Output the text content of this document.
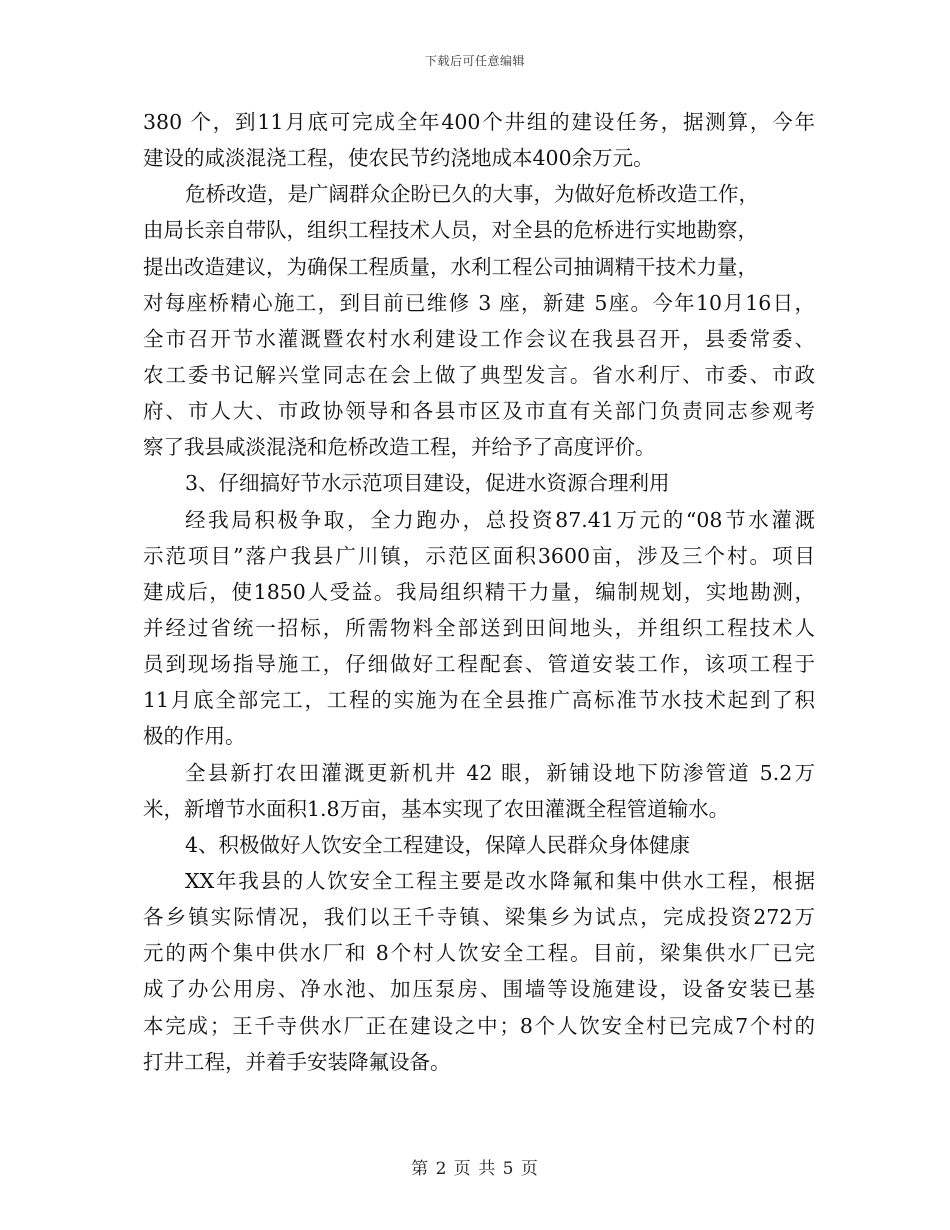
下载后可任意编辑
380 个，到11月底可完成全年400个井组的建设任务，据测算，今年
建设的咸淡混浇工程，使农民节约浇地成本400余万元。
危桥改造，是广阔群众企盼已久的大事，为做好危桥改造工作，
由局长亲自带队，组织工程技术人员，对全县的危桥进行实地勘察，
提出改造建议，为确保工程质量，水利工程公司抽调精干技术力量，
对每座桥精心施工，到目前已维修 3 座，新建 5座。今年10月16日，
全市召开节水灌溉暨农村水利建设工作会议在我县召开，县委常委、
农工委书记解兴堂同志在会上做了典型发言。省水利厅、市委、市政
府、市人大、市政协领导和各县市区及市直有关部门负责同志参观考
察了我县咸淡混浇和危桥改造工程，并给予了高度评价。
3、仔细搞好节水示范项目建设，促进水资源合理利用
经我局积极争取，全力跑办，总投资87.41万元的“08节水灌溉
示范项目”落户我县广川镇，示范区面积3600亩，涉及三个村。项目
建成后，使1850人受益。我局组织精干力量，编制规划，实地勘测，
并经过省统一招标，所需物料全部送到田间地头，并组织工程技术人
员到现场指导施工，仔细做好工程配套、管道安装工作，该项工程于
11月底全部完工，工程的实施为在全县推广高标准节水技术起到了积
极的作用。
全县新打农田灌溉更新机井 42 眼，新铺设地下防渗管道 5.2万
米，新增节水面积1.8万亩，基本实现了农田灌溉全程管道输水。
4、积极做好人饮安全工程建设，保障人民群众身体健康
XX年我县的人饮安全工程主要是改水降氟和集中供水工程，根据
各乡镇实际情况，我们以王千寺镇、梁集乡为试点，完成投资272万
元的两个集中供水厂和 8个村人饮安全工程。目前，梁集供水厂已完
成了办公用房、净水池、加压泵房、围墙等设施建设，设备安装已基
本完成；王千寺供水厂正在建设之中；8个人饮安全村已完成7个村的
打井工程，并着手安装降氟设备。
第 2 页 共 5 页
